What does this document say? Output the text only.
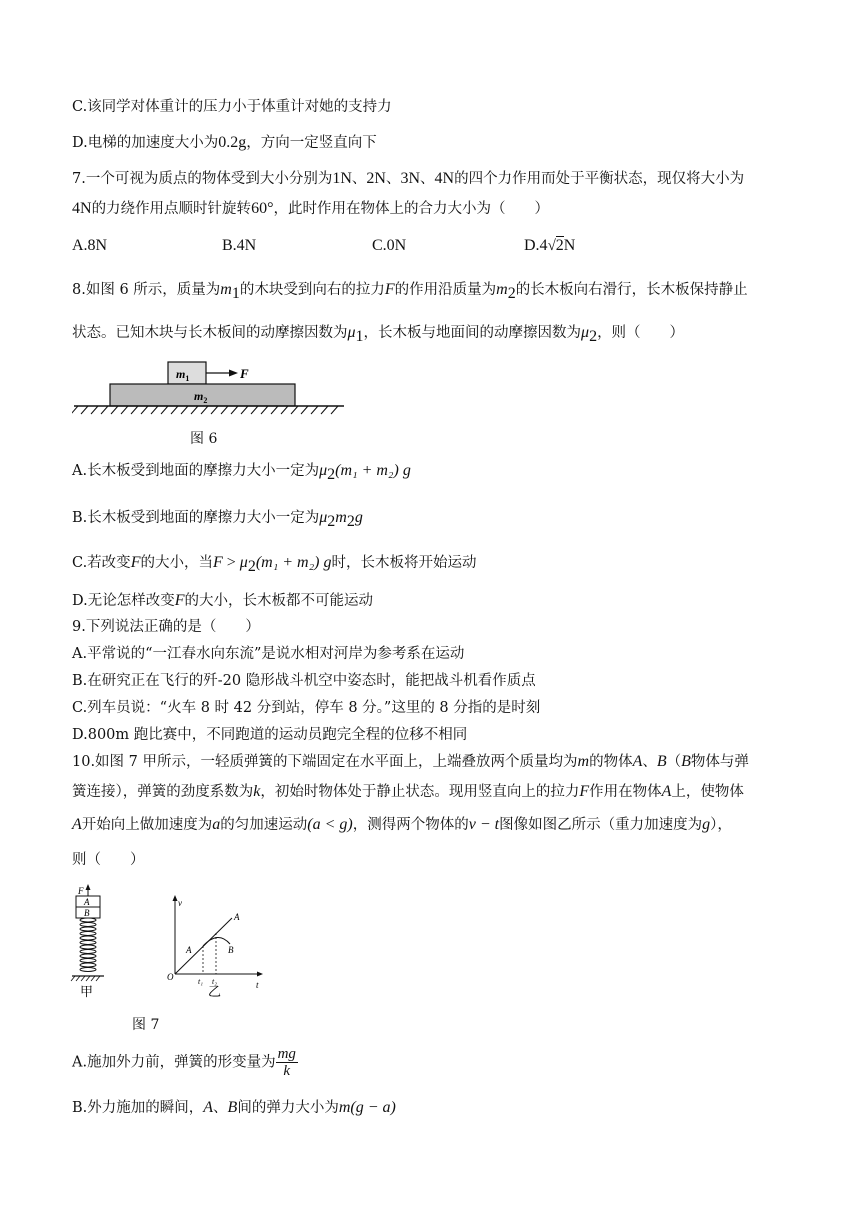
C.该同学对体重计的压力小于体重计对她的支持力
D.电梯的加速度大小为0.2g，方向一定竖直向下
7.一个可视为质点的物体受到大小分别为1N、2N、3N、4N的四个力作用而处于平衡状态，现仅将大小为
4N的力绕作用点顺时针旋转60°，此时作用在物体上的合力大小为（　　）
A.8N	B.4N	C.0N	D.4√2N
8.如图 6 所示，质量为$m_1$的木块受到向右的拉力F的作用沿质量为$m_2$的长木板向右滑行，长木板保持静止
状态。已知木块与长木板间的动摩擦因数为$\mu_1$，长木板与地面间的动摩擦因数为$\mu_2$，则（　　）
$m_1$	F
$m_2$
图 6
A.长木板受到地面的摩擦力大小一定为$\mu_2(m_1 + m_2)$ g
B.长木板受到地面的摩擦力大小一定为$\mu_2m_2g$
C.若改变F的大小，当$F > \mu_2(m_1 + m_2)$ g时，长木板将开始运动
D.无论怎样改变F的大小，长木板都不可能运动
9.下列说法正确的是（　　）
A.平常说的“一江春水向东流”是说水相对河岸为参考系在运动
B.在研究正在飞行的歼-20 隐形战斗机空中姿态时，能把战斗机看作质点
C.列车员说：“火车 8 时 42 分到站，停车 8 分。”这里的 8 分指的是时刻
D.800m 跑比赛中，不同跑道的运动员跑完全程的位移不相同
10.如图 7 甲所示，一轻质弹簧的下端固定在水平面上，上端叠放两个质量均为m的物体A、B（B物体与弹
簧连接），弹簧的劲度系数为k，初始时物体处于静止状态。现用竖直向上的拉力F作用在物体A上，使物体
A开始向上做加速度为a的匀加速运动(a < g)，测得两个物体的v − t图像如图乙所示（重力加速度为g），
则（　　）
F
A
B
甲
v
t
O
A
A	B
t₁ t₂
乙
图 7
A.施加外力前，弹簧的形变量为 $\frac{mg}{k}$
B.外力施加的瞬间，A、B间的弹力大小为m(g − a)
